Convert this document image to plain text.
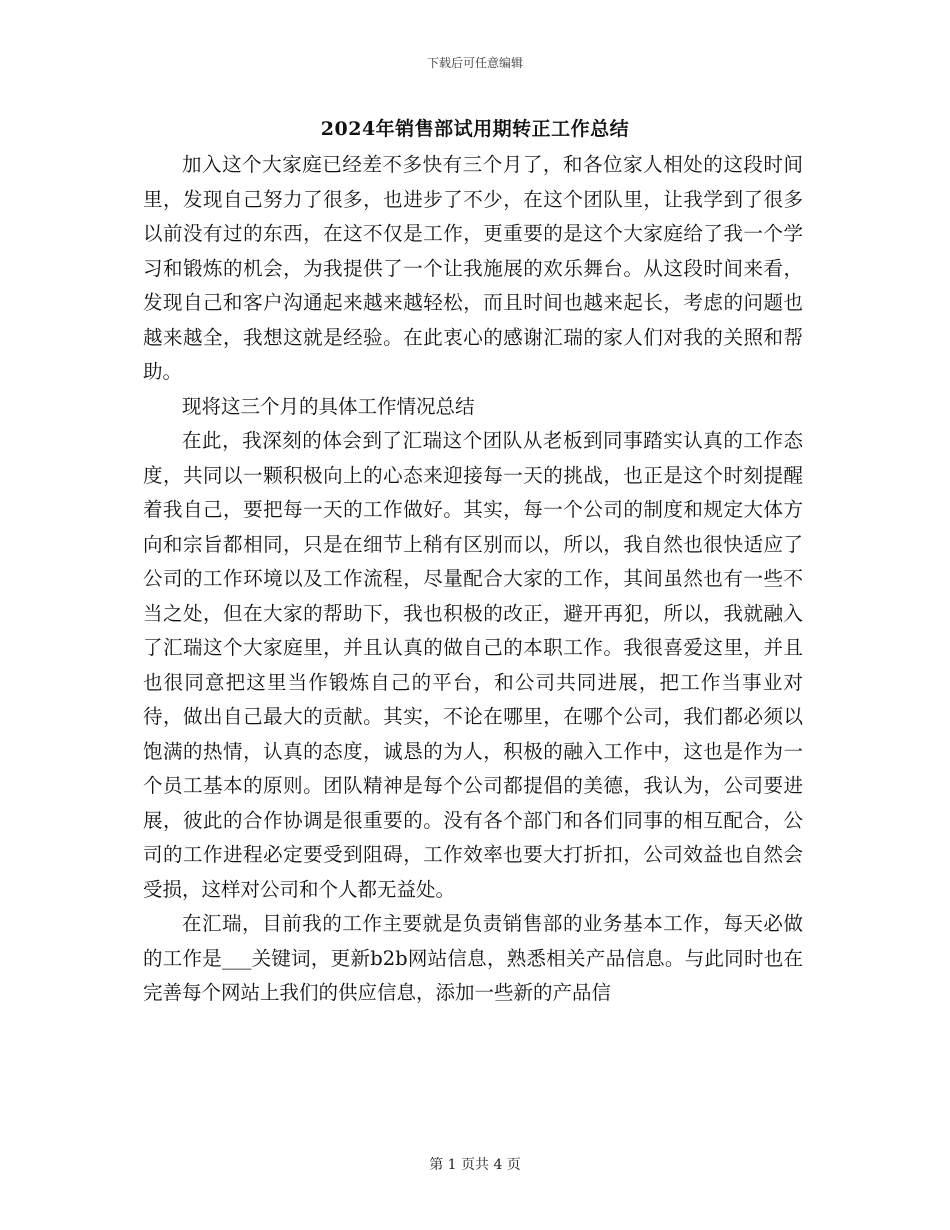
下载后可任意编辑
2024年销售部试用期转正工作总结

加入这个大家庭已经差不多快有三个月了，和各位家人相处的这段时间里，发现自己努力了很多，也进步了不少，在这个团队里，让我学到了很多以前没有过的东西，在这不仅是工作，更重要的是这个大家庭给了我一个学习和锻炼的机会，为我提供了一个让我施展的欢乐舞台。从这段时间来看，发现自己和客户沟通起来越来越轻松，而且时间也越来起长，考虑的问题也越来越全，我想这就是经验。在此衷心的感谢汇瑞的家人们对我的关照和帮助。

现将这三个月的具体工作情况总结

在此，我深刻的体会到了汇瑞这个团队从老板到同事踏实认真的工作态度，共同以一颗积极向上的心态来迎接每一天的挑战，也正是这个时刻提醒着我自己，要把每一天的工作做好。其实，每一个公司的制度和规定大体方向和宗旨都相同，只是在细节上稍有区别而以，所以，我自然也很快适应了公司的工作环境以及工作流程，尽量配合大家的工作，其间虽然也有一些不当之处，但在大家的帮助下，我也积极的改正，避开再犯，所以，我就融入了汇瑞这个大家庭里，并且认真的做自己的本职工作。我很喜爱这里，并且也很同意把这里当作锻炼自己的平台，和公司共同进展，把工作当事业对待，做出自己最大的贡献。其实，不论在哪里，在哪个公司，我们都必须以饱满的热情，认真的态度，诚恳的为人，积极的融入工作中，这也是作为一个员工基本的原则。团队精神是每个公司都提倡的美德，我认为，公司要进展，彼此的合作协调是很重要的。没有各个部门和各们同事的相互配合，公司的工作进程必定要受到阻碍，工作效率也要大打折扣，公司效益也自然会受损，这样对公司和个人都无益处。

在汇瑞，目前我的工作主要就是负责销售部的业务基本工作，每天必做的工作是___关键词，更新b2b网站信息，熟悉相关产品信息。与此同时也在完善每个网站上我们的供应信息，添加一些新的产品信

第 1 页共 4 页
